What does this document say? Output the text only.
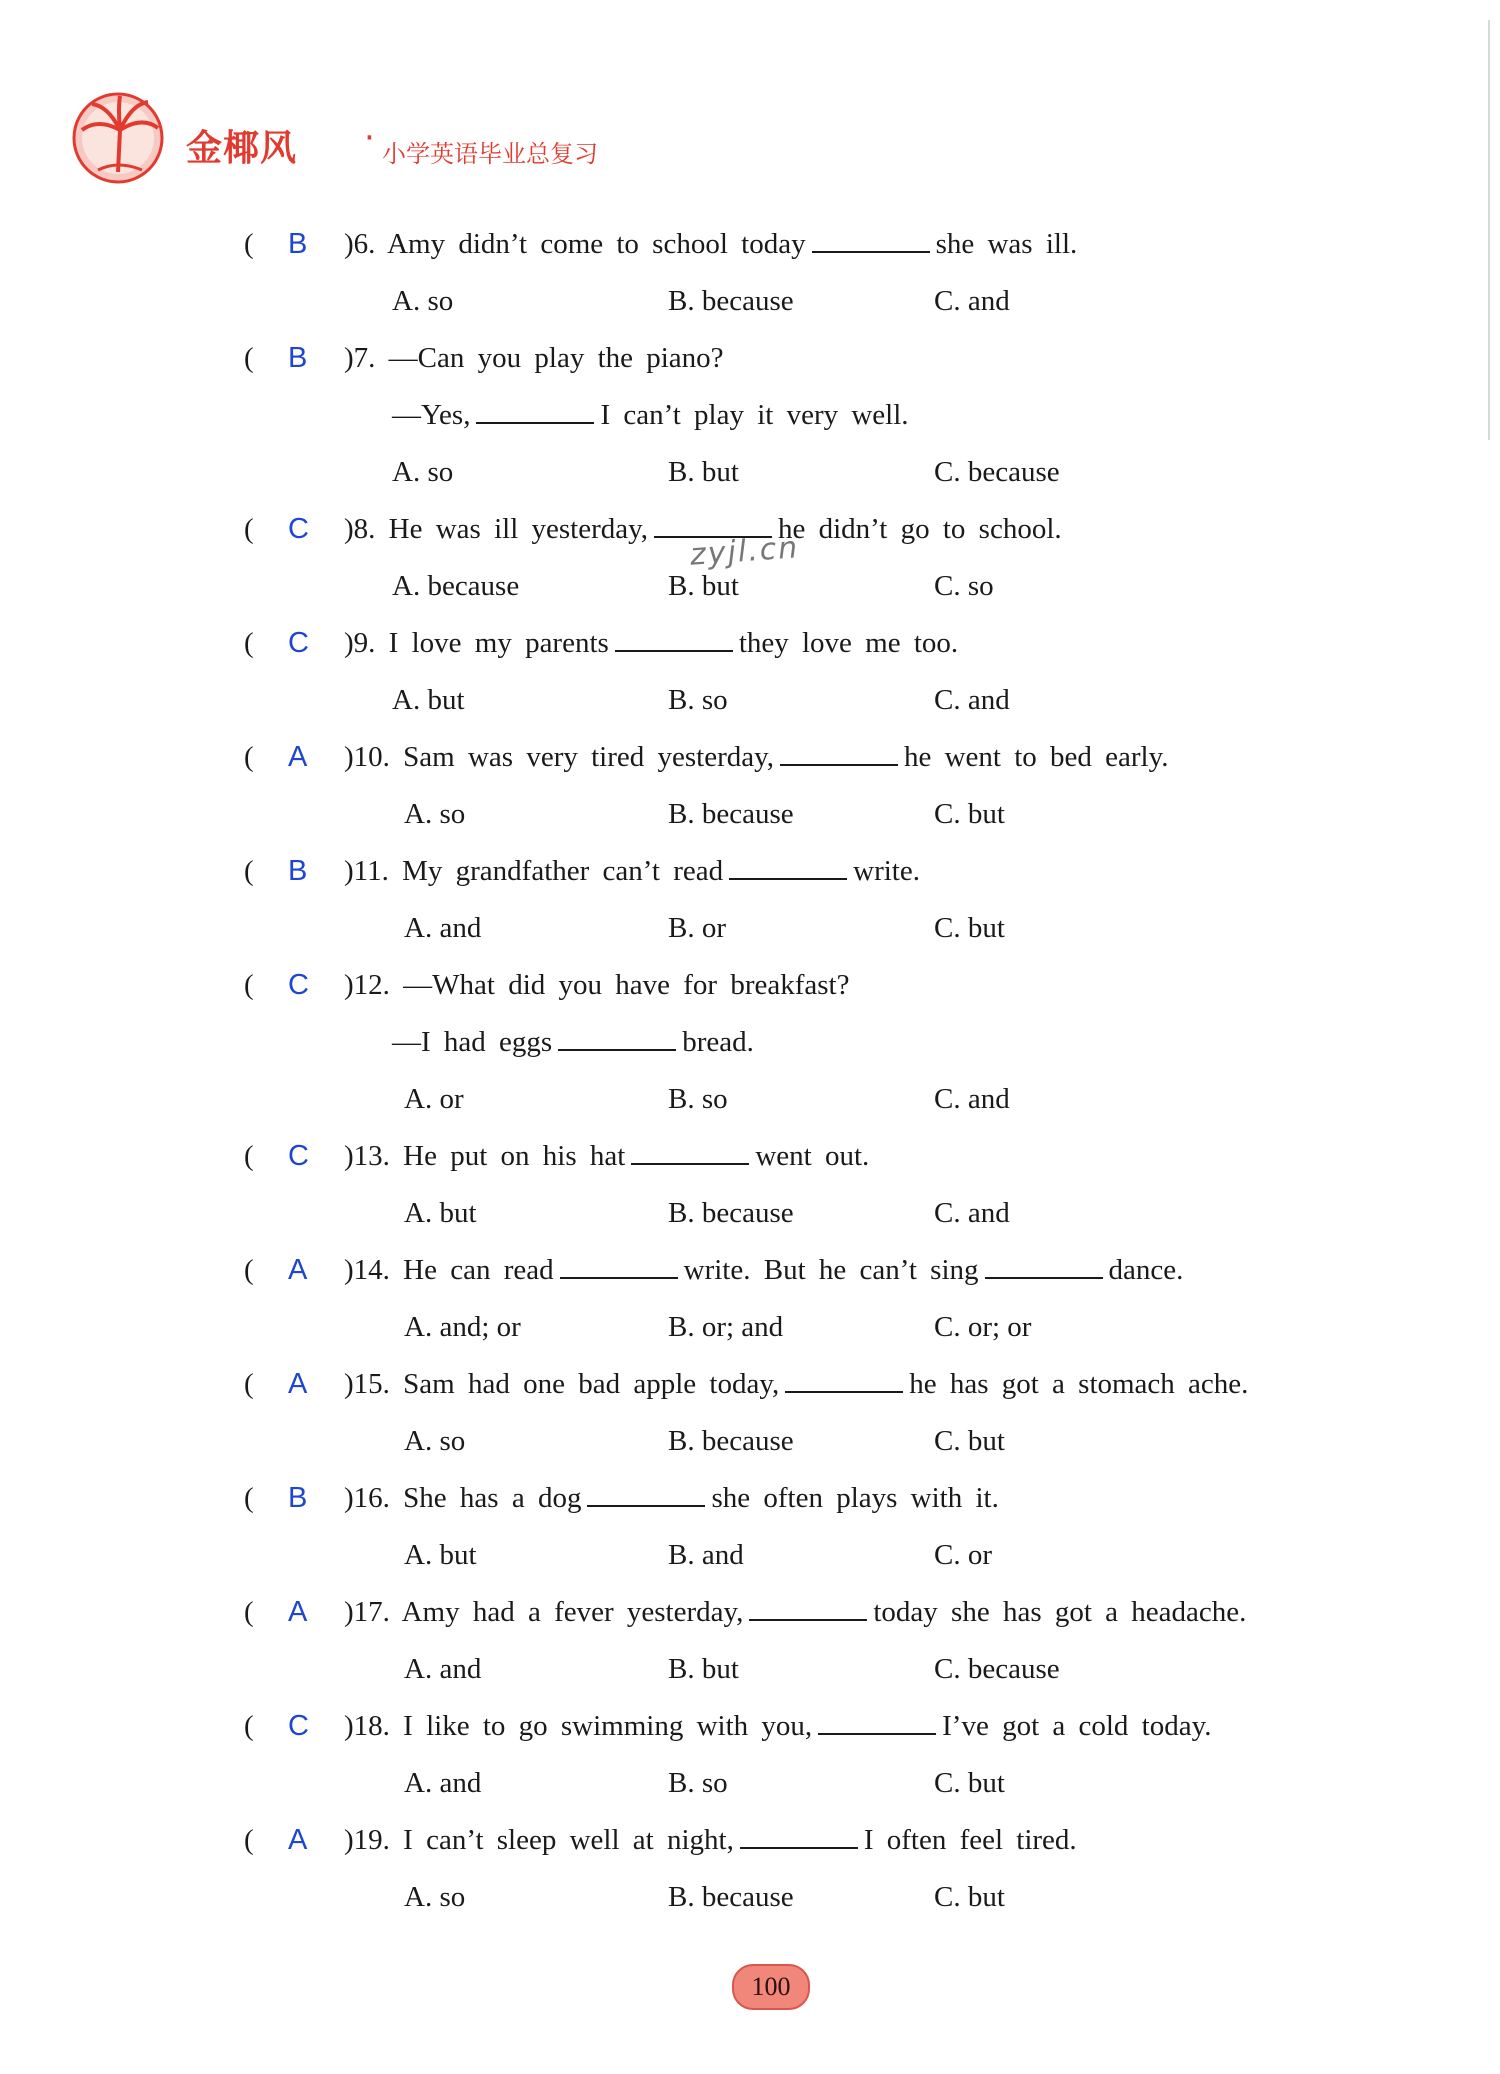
金椰风 · 小学英语毕业总复习
zyjl.cn
( B )6. Amy didn’t come to school today	she was ill.
A. so	B. because	C. and
( B )7. —Can you play the piano?
—Yes,	I can’t play it very well.
A. so	B. but	C. because
( C )8. He was ill yesterday,	he didn’t go to school.
A. because	B. but	C. so
( C )9. I love my parents	they love me too.
A. but	B. so	C. and
( A )10. Sam was very tired yesterday,	he went to bed early.
A. so	B. because	C. but
( B )11. My grandfather can’t read	write.
A. and	B. or	C. but
( C )12. —What did you have for breakfast?
—I had eggs	bread.
A. or	B. so	C. and
( C )13. He put on his hat	went out.
A. but	B. because	C. and
( A )14. He can read	write. But he can’t sing	dance.
A. and; or	B. or; and	C. or; or
( A )15. Sam had one bad apple today,	he has got a stomach ache.
A. so	B. because	C. but
( B )16. She has a dog	she often plays with it.
A. but	B. and	C. or
( A )17. Amy had a fever yesterday,	today she has got a headache.
A. and	B. but	C. because
( C )18. I like to go swimming with you,	I’ve got a cold today.
A. and	B. so	C. but
( A )19. I can’t sleep well at night,	I often feel tired.
A. so	B. because	C. but
100
